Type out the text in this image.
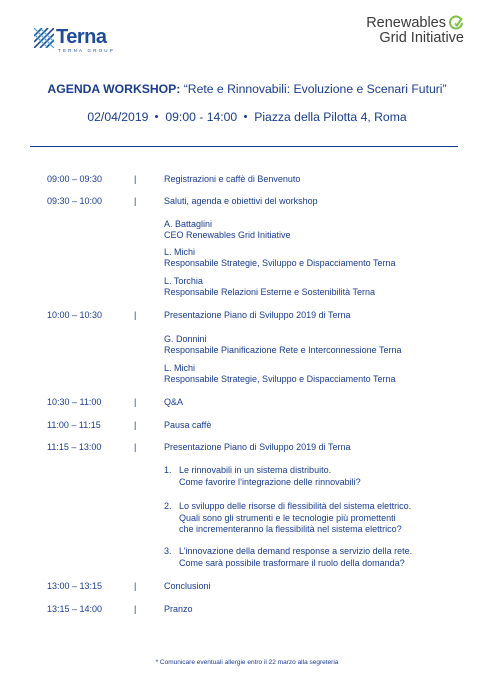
Terna
TERNA GROUP
Renewables
Grid Initiative
AGENDA WORKSHOP: “Rete e Rinnovabili: Evoluzione e Scenari Futuri”
02/04/2019 09:00 - 14:00 Piazza della Pilotta 4, Roma
09:00 – 09:30	|	Registrazioni e caffè di Benvenuto
09:30 – 10:00	|	Saluti, agenda e obiettivi del workshop
A. Battaglini
CEO Renewables Grid Initiative
L. Michi
Responsabile Strategie, Sviluppo e Dispacciamento Terna
L. Torchia
Responsabile Relazioni Esterne e Sostenibilità Terna
10:00 – 10:30	|	Presentazione Piano di Sviluppo 2019 di Terna
G. Donnini
Responsabile Pianificazione Rete e Interconnessione Terna
L. Michi
Responsabile Strategie, Sviluppo e Dispacciamento Terna
10:30 – 11:00	|	Q&A
11:00 – 11:15	|	Pausa caffè
11:15 – 13:00	|	Presentazione Piano di Sviluppo 2019 di Terna
1. Le rinnovabili in un sistema distribuito.
Come favorire l’integrazione delle rinnovabili?
2. Lo sviluppo delle risorse di flessibilità del sistema elettrico.
Quali sono gli strumenti e le tecnologie più promettenti
che incrementeranno la flessibilità nel sistema elettrico?
3. L’innovazione della demand response a servizio della rete.
Come sarà possibile trasformare il ruolo della domanda?
13:00 – 13:15	|	Conclusioni
13:15 – 14:00	|	Pranzo
* Comunicare eventuali allergie entro il 22 marzo alla segreteria
